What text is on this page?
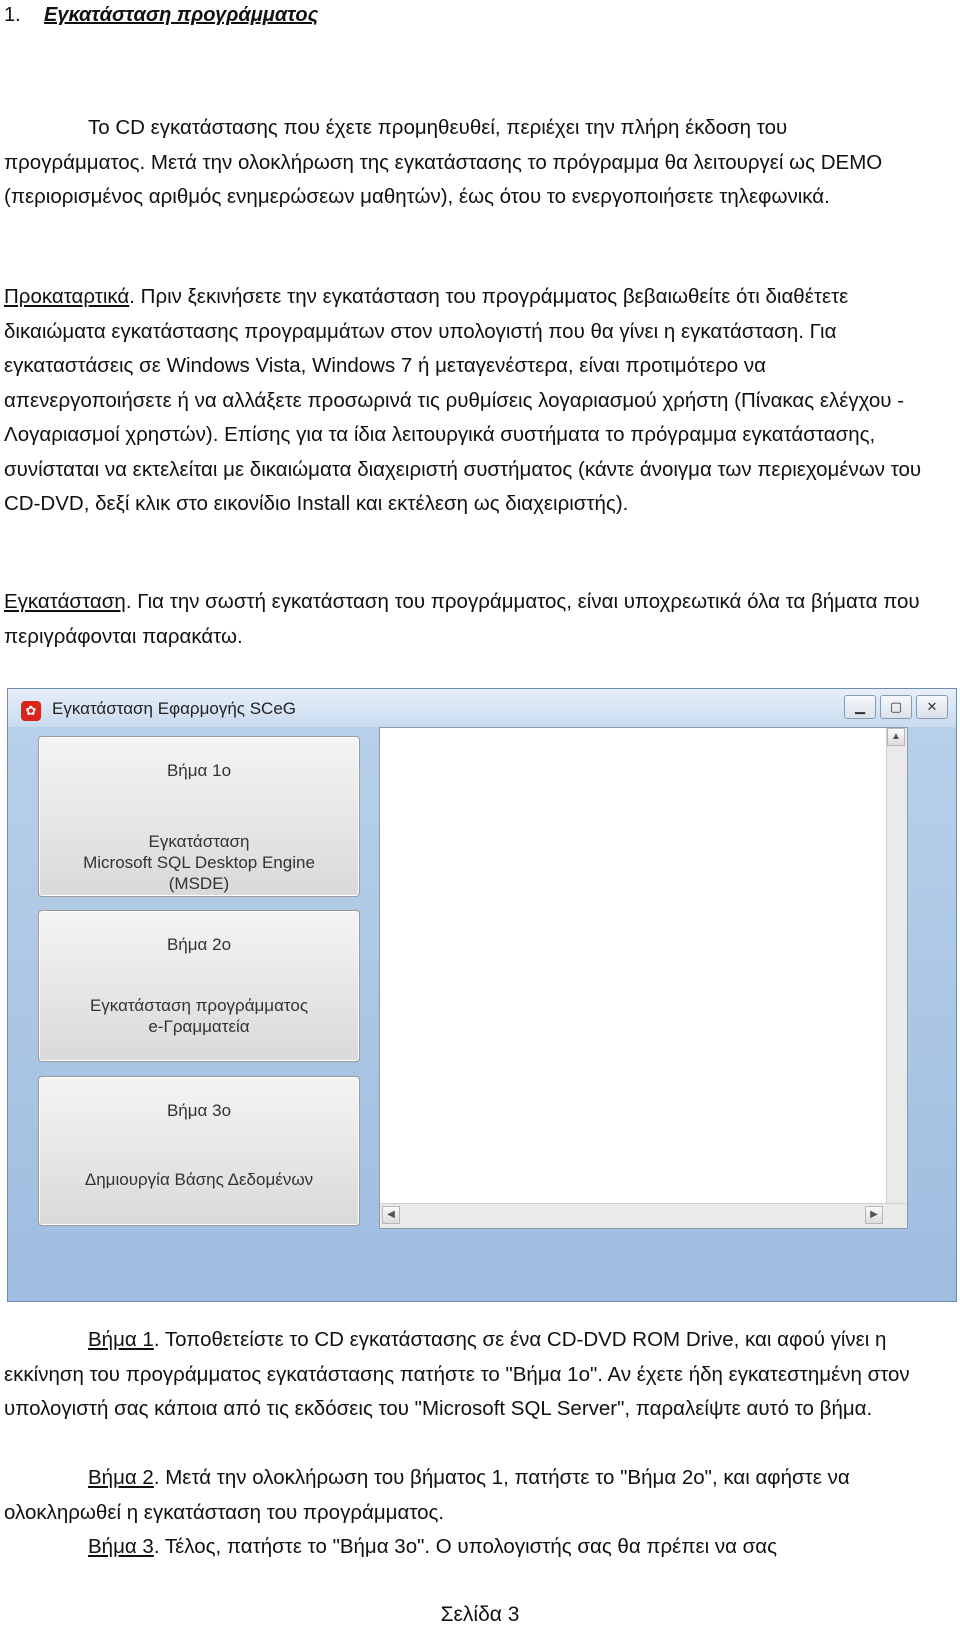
1. Εγκατάσταση προγράμματος

Το CD εγκατάστασης που έχετε προμηθευθεί, περιέχει την πλήρη έκδοση του προγράμματος. Μετά την ολοκλήρωση της εγκατάστασης το πρόγραμμα θα λειτουργεί ως DEMO (περιορισμένος αριθμός ενημερώσεων μαθητών), έως ότου το ενεργοποιήσετε τηλεφωνικά.

Προκαταρτικά. Πριν ξεκινήσετε την εγκατάσταση του προγράμματος βεβαιωθείτε ότι διαθέτετε δικαιώματα εγκατάστασης προγραμμάτων στον υπολογιστή που θα γίνει η εγκατάσταση. Για εγκαταστάσεις σε Windows Vista, Windows 7 ή μεταγενέστερα, είναι προτιμότερο να απενεργοποιήσετε ή να αλλάξετε προσωρινά τις ρυθμίσεις λογαριασμού χρήστη (Πίνακας ελέγχου - Λογαριασμοί χρηστών). Επίσης για τα ίδια λειτουργικά συστήματα το πρόγραμμα εγκατάστασης, συνίσταται να εκτελείται με δικαιώματα διαχειριστή συστήματος (κάντε άνοιγμα των περιεχομένων του CD-DVD, δεξί κλικ στο εικονίδιο Install και εκτέλεση ως διαχειριστής).

Εγκατάσταση. Για την σωστή εγκατάσταση του προγράμματος, είναι υποχρεωτικά όλα τα βήματα που περιγράφονται παρακάτω.

✿ Εγκατάσταση Εφαρμογής SCeG	▁	▢	✕
Βήμα 1ο
Εγκατάσταση
Microsoft SQL Desktop Engine
(MSDE)
Βήμα 2ο
Εγκατάσταση προγράμματος
e-Γραμματεία
Βήμα 3ο
Δημιουργία Βάσης Δεδομένων
▲
◀	▶

Βήμα 1. Τοποθετείστε το CD εγκατάστασης σε ένα CD-DVD ROM Drive, και αφού γίνει η εκκίνηση του προγράμματος εγκατάστασης πατήστε το "Βήμα 1ο". Αν έχετε ήδη εγκατεστημένη στον υπολογιστή σας κάποια από τις εκδόσεις του "Microsoft SQL Server", παραλείψτε αυτό το βήμα.

Βήμα 2. Μετά την ολοκλήρωση του βήματος 1, πατήστε το "Βήμα 2ο", και αφήστε να ολοκληρωθεί η εγκατάσταση του προγράμματος.

Βήμα 3. Τέλος, πατήστε το "Βήμα 3ο". Ο υπολογιστής σας θα πρέπει να σας

Σελίδα 3
